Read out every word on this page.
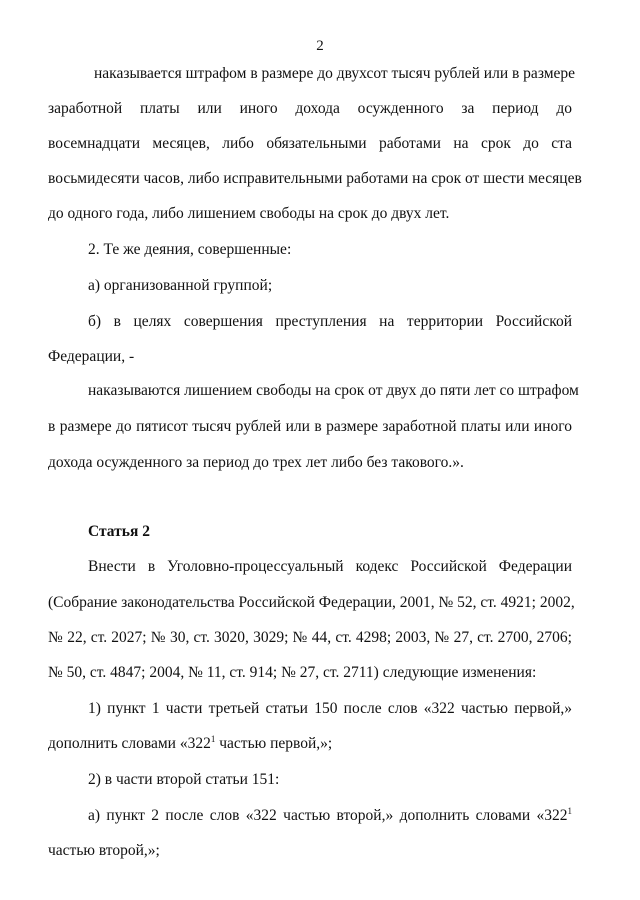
2
наказывается штрафом в размере до двухсот тысяч рублей или в размере
заработной платы или иного дохода осужденного за период до
восемнадцати месяцев, либо обязательными работами на срок до ста
восьмидесяти часов, либо исправительными работами на срок от шести месяцев
до одного года, либо лишением свободы на срок до двух лет.
2. Те же деяния, совершенные:
а) организованной группой;
б) в целях совершения преступления на территории Российской
Федерации, -
наказываются лишением свободы на срок от двух до пяти лет со штрафом
в размере до пятисот тысяч рублей или в размере заработной платы или иного
дохода осужденного за период до трех лет либо без такового.».
Статья 2
Внести в Уголовно-процессуальный кодекс Российской Федерации
(Собрание законодательства Российской Федерации, 2001, № 52, ст. 4921; 2002,
№ 22, ст. 2027; № 30, ст. 3020, 3029; № 44, ст. 4298; 2003, № 27, ст. 2700, 2706;
№ 50, ст. 4847; 2004, № 11, ст. 914; № 27, ст. 2711) следующие изменения:
1) пункт 1 части третьей статьи 150 после слов «322 частью первой,»
дополнить словами «$322^1$ частью первой,»;
2) в части второй статьи 151:
а) пункт 2 после слов «322 частью второй,» дополнить словами «$322^1$
частью второй,»;
